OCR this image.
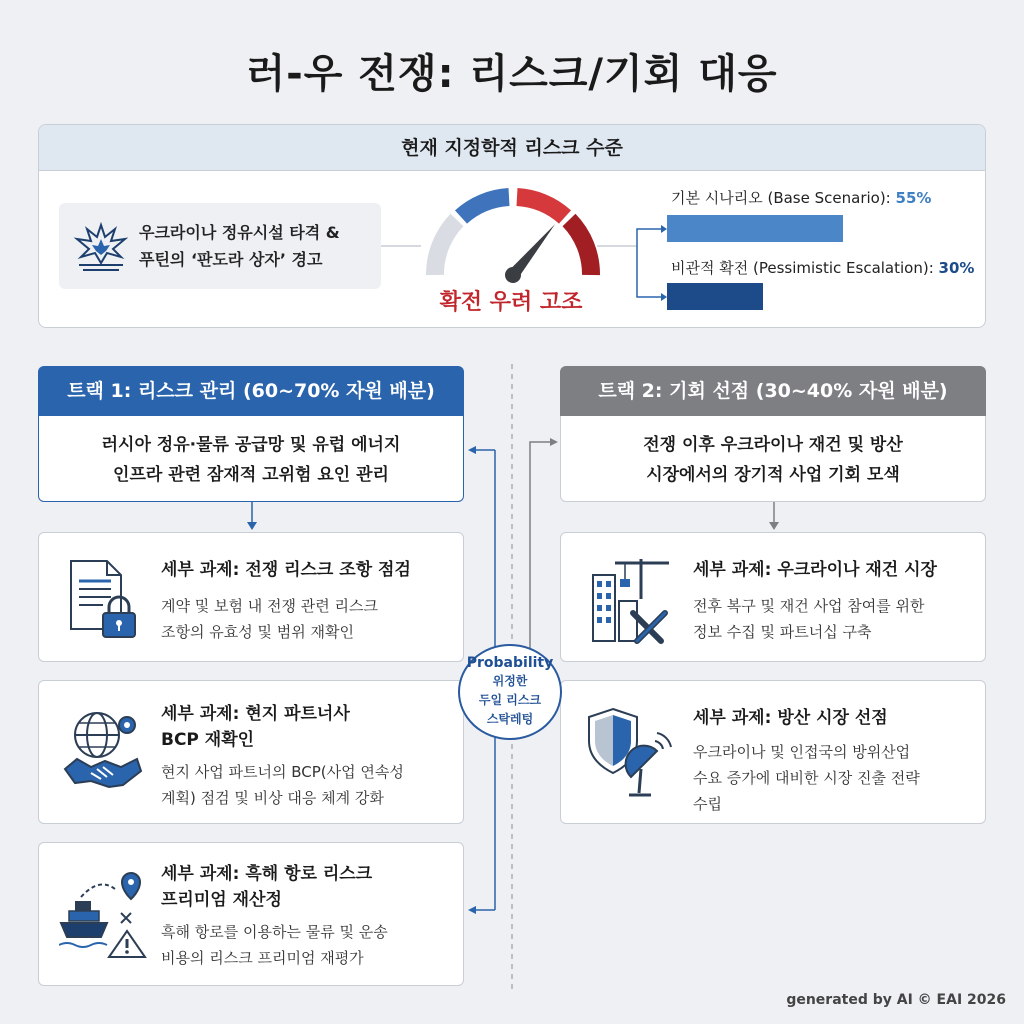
러-우 전쟁: 리스크/기회 대응
현재 지정학적 리스크 수준
우크라이나 정유시설 타격 &
푸틴의 ‘판도라 상자’ 경고
확전 우려 고조
기본 시나리오 (Base Scenario): 55%
비관적 확전 (Pessimistic Escalation): 30%
트랙 1: 리스크 관리 (60~70% 자원 배분)
러시아 정유·물류 공급망 및 유럽 에너지
인프라 관련 잠재적 고위험 요인 관리
세부 과제: 전쟁 리스크 조항 점검
계약 및 보험 내 전쟁 관련 리스크
조항의 유효성 및 범위 재확인
세부 과제: 현지 파트너사
BCP 재확인
현지 사업 파트너의 BCP(사업 연속성
계획) 점검 및 비상 대응 체계 강화
세부 과제: 흑해 항로 리스크
프리미엄 재산정
흑해 항로를 이용하는 물류 및 운송
비용의 리스크 프리미엄 재평가
트랙 2: 기회 선점 (30~40% 자원 배분)
전쟁 이후 우크라이나 재건 및 방산
시장에서의 장기적 사업 기회 모색
세부 과제: 우크라이나 재건 시장
전후 복구 및 재건 사업 참여를 위한
정보 수집 및 파트너십 구축
세부 과제: 방산 시장 선점
우크라이나 및 인접국의 방위산업
수요 증가에 대비한 시장 진출 전략
수립
Probability
위정한
두일 리스크
스탁레텅
generated by AI © EAI 2026
